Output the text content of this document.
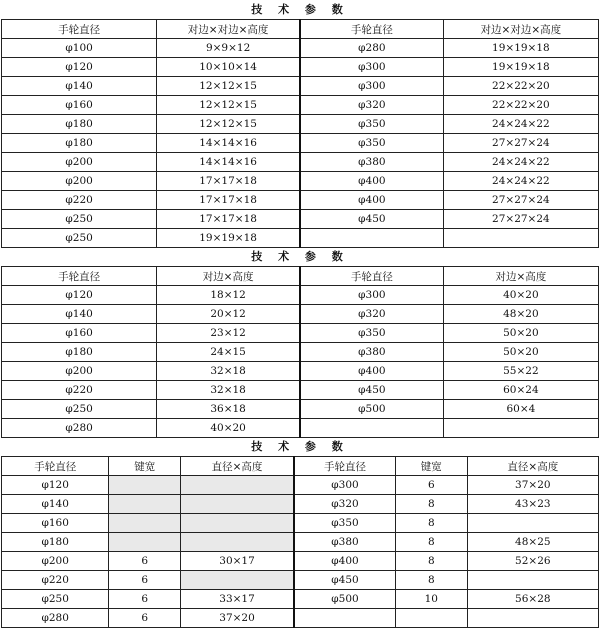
技 术 参 数
手轮直径	对边×对边×高度	手轮直径	对边×对边×高度
φ100	9×9×12	φ280	19×19×18
φ120	10×10×14	φ300	19×19×18
φ140	12×12×15	φ300	22×22×20
φ160	12×12×15	φ320	22×22×20
φ180	12×12×15	φ350	24×24×22
φ180	14×14×16	φ350	27×27×24
φ200	14×14×16	φ380	24×24×22
φ200	17×17×18	φ400	24×24×22
φ220	17×17×18	φ400	27×27×24
φ250	17×17×18	φ450	27×27×24
φ250	19×19×18		
技 术 参 数
手轮直径	对边×高度	手轮直径	对边×高度
φ120	18×12	φ300	40×20
φ140	20×12	φ320	48×20
φ160	23×12	φ350	50×20
φ180	24×15	φ380	50×20
φ200	32×18	φ400	55×22
φ220	32×18	φ450	60×24
φ250	36×18	φ500	60×4
φ280	40×20		
技 术 参 数
手轮直径	键宽	直径×高度	手轮直径	键宽	直径×高度
φ120			φ300	6	37×20
φ140			φ320	8	43×23
φ160			φ350	8	
φ180			φ380	8	48×25
φ200	6	30×17	φ400	8	52×26
φ220	6		φ450	8	
φ250	6	33×17	φ500	10	56×28
φ280	6	37×20			
